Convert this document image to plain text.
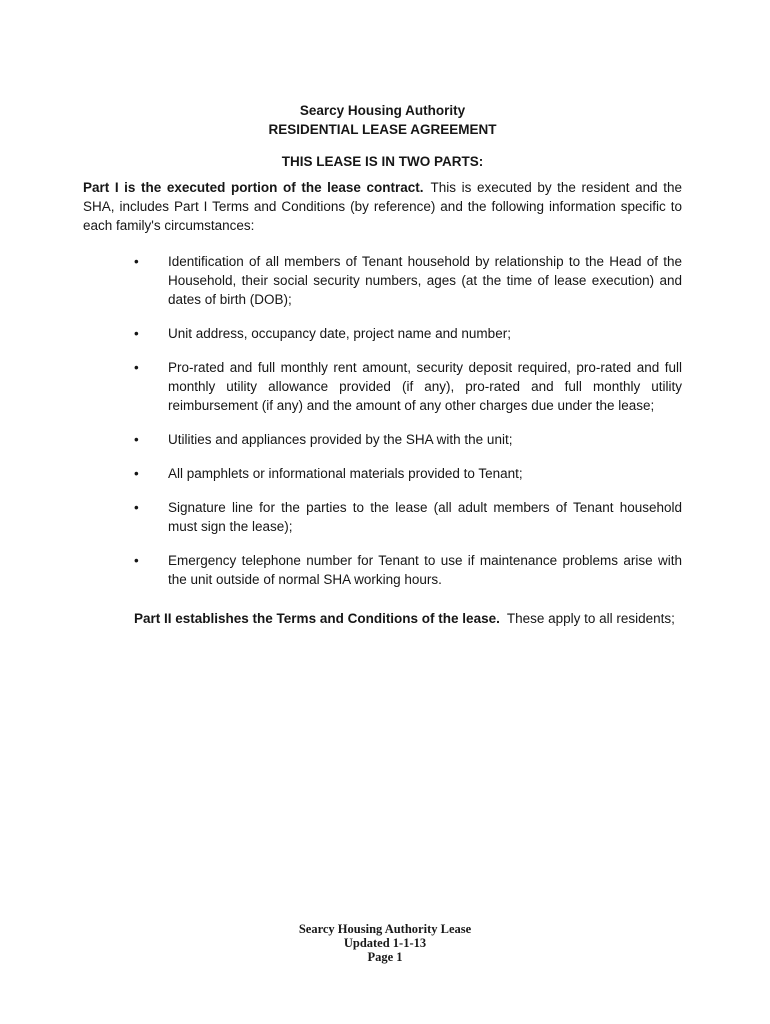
Searcy Housing Authority
RESIDENTIAL LEASE AGREEMENT
THIS LEASE IS IN TWO PARTS:

Part I is the executed portion of the lease contract. This is executed by the resident and the SHA, includes Part I Terms and Conditions (by reference) and the following information specific to each family's circumstances:

•	Identification of all members of Tenant household by relationship to the Head of the Household, their social security numbers, ages (at the time of lease execution) and dates of birth (DOB);
•	Unit address, occupancy date, project name and number;
•	Pro-rated and full monthly rent amount, security deposit required, pro-rated and full monthly utility allowance provided (if any), pro-rated and full monthly utility reimbursement (if any) and the amount of any other charges due under the lease;
•	Utilities and appliances provided by the SHA with the unit;
•	All pamphlets or informational materials provided to Tenant;
•	Signature line for the parties to the lease (all adult members of Tenant household must sign the lease);
•	Emergency telephone number for Tenant to use if maintenance problems arise with the unit outside of normal SHA working hours.

Part II establishes the Terms and Conditions of the lease. These apply to all residents;

Searcy Housing Authority Lease
Updated 1-1-13
Page 1
